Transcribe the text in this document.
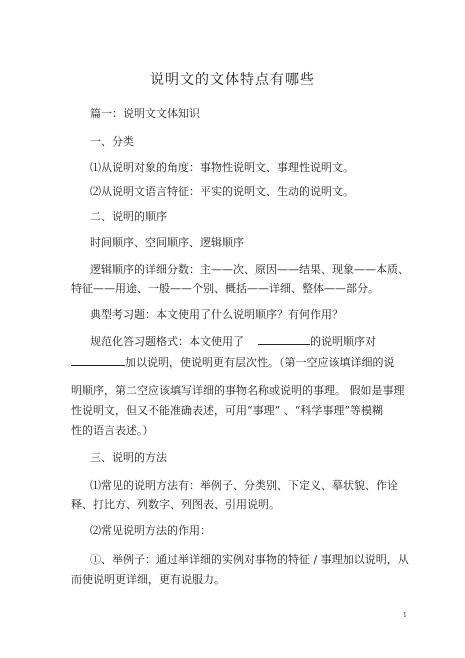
说明文的文体特点有哪些
篇一：说明文文体知识
一、分类
⑴从说明对象的角度：事物性说明文、事理性说明文。
⑵从说明文语言特征：平实的说明文、生动的说明文。
二、说明的顺序
时间顺序、空间顺序、逻辑顺序
逻辑顺序的详细分数：主——次、原因——结果、现象——本质、
特征——用途、一般——个别、概括——详细、整体——部分。
典型考习题：本文使用了什么说明顺序？有何作用？
规范化答习题格式：本文使用了	的说明顺序对
加以说明，使说明更有层次性。（第一空应该填详细的说
明顺序，第二空应该填写详细的事物名称或说明的事理。 假如是事理
性说明文，但又不能准确表述，可用“事理” 、“科学事理”等模糊
性的语言表述。）
三、说明的方法
⑴常见的说明方法有：举例子、分类别、下定义、摹状貌、作诠
释、打比方、列数字、列图表、引用说明。
⑵常见说明方法的作用：
①、举例子：通过举详细的实例对事物的特征 / 事理加以说明，从
而使说明更详细，更有说服力。
1
